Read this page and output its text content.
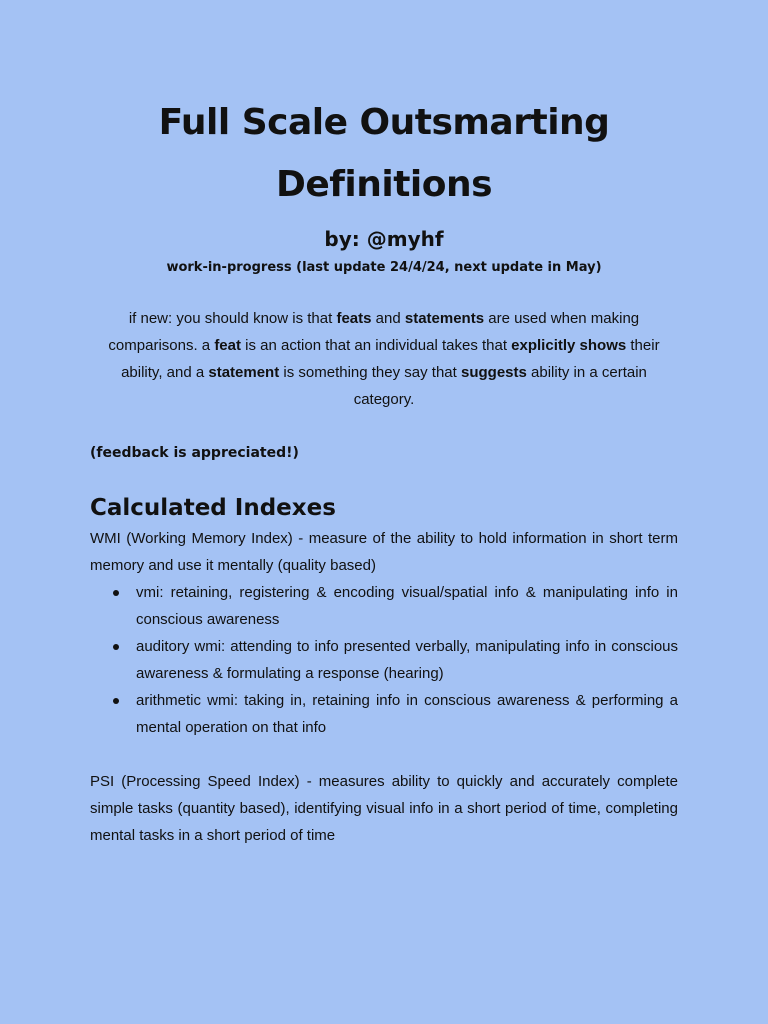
Full Scale Outsmarting
Definitions

by: @myhf

work-in-progress (last update 24/4/24, next update in May)

if new: you should know is that feats and statements are used when making comparisons. a feat is an action that an individual takes that explicitly shows their ability, and a statement is something they say that suggests ability in a certain category.

(feedback is appreciated!)

Calculated Indexes

WMI (Working Memory Index) - measure of the ability to hold information in short term memory and use it mentally (quality based)

vmi: retaining, registering & encoding visual/spatial info & manipulating info in conscious awareness
auditory wmi: attending to info presented verbally, manipulating info in conscious awareness & formulating a response (hearing)
arithmetic wmi: taking in, retaining info in conscious awareness & performing a mental operation on that info

PSI (Processing Speed Index) - measures ability to quickly and accurately complete simple tasks (quantity based), identifying visual info in a short period of time, completing mental tasks in a short period of time
